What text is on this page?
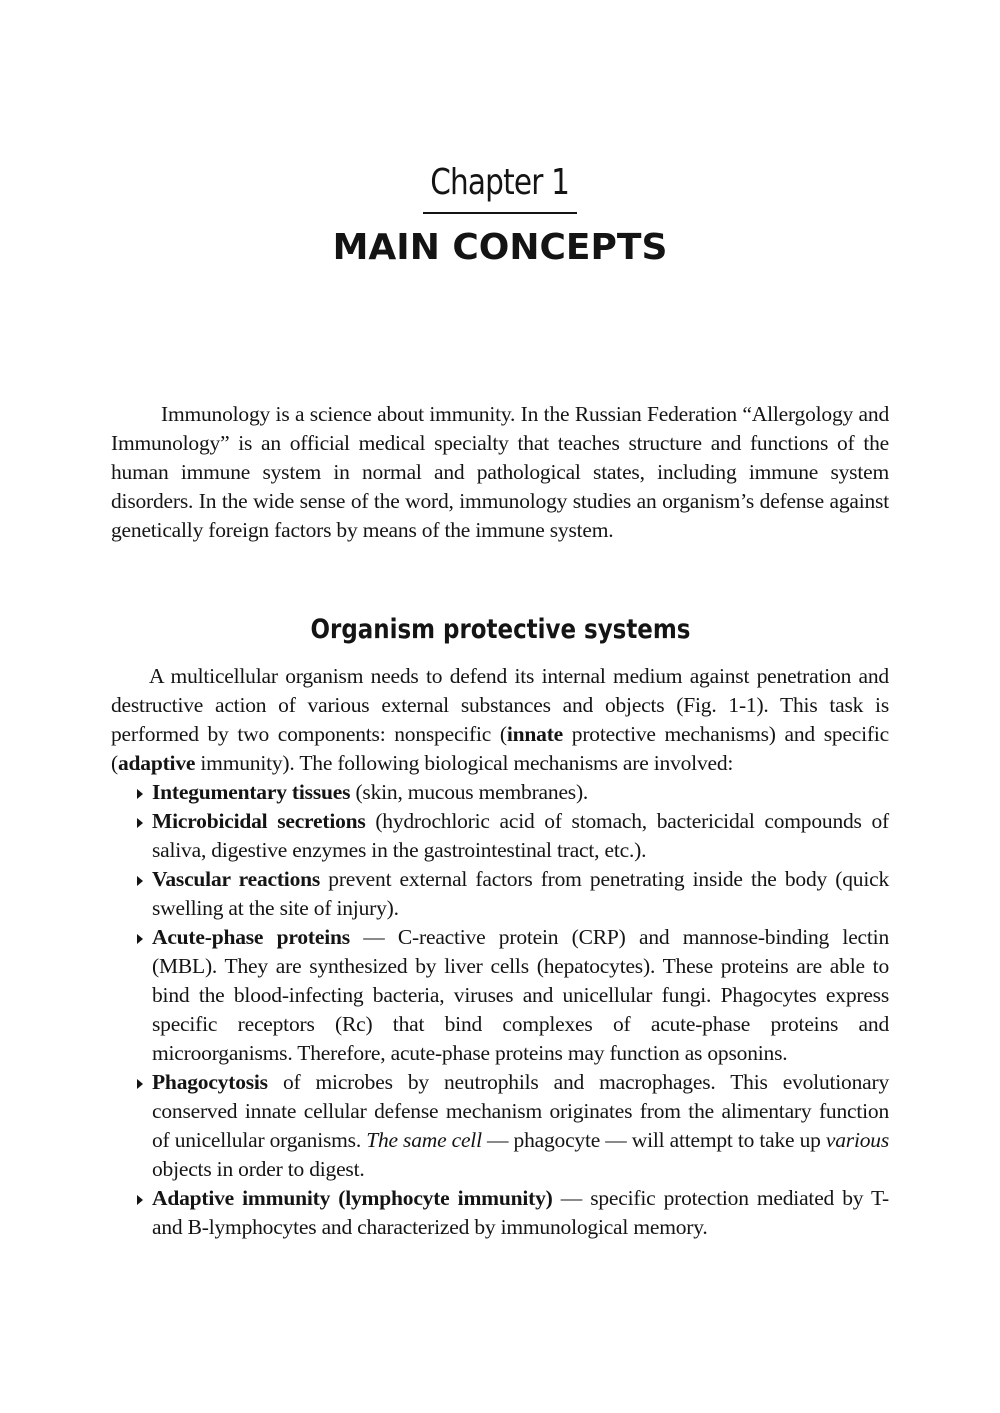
Chapter 1
MAIN CONCEPTS

Immunology is a science about immunity. In the Russian Federation “Allergology and Immunology” is an official medical specialty that teaches structure and functions of the human immune system in normal and pathological states, including immune system disorders. In the wide sense of the word, immunology studies an organism’s defense against genetically foreign factors by means of the immune system.

Organism protective systems

A multicellular organism needs to defend its internal medium against penetration and destructive action of various external substances and objects (Fig. 1-1). This task is performed by two components: nonspecific (innate protective mechanisms) and specific (adaptive immunity). The following biological mechanisms are involved:

Integumentary tissues (skin, mucous membranes).
Microbicidal secretions (hydrochloric acid of stomach, bactericidal compounds of saliva, digestive enzymes in the gastrointestinal tract, etc.).
Vascular reactions prevent external factors from penetrating inside the body (quick swelling at the site of injury).
Acute-phase proteins — C-reactive protein (CRP) and mannose-binding lectin (MBL). They are synthesized by liver cells (hepatocytes). These proteins are able to bind the blood-infecting bacteria, viruses and unicellular fungi. Phagocytes express specific receptors (Rc) that bind complexes of acute-phase proteins and microorganisms. Therefore, acute-phase proteins may function as opsonins.
Phagocytosis of microbes by neutrophils and macrophages. This evolutionary conserved innate cellular defense mechanism originates from the alimentary function of unicellular organisms. The same cell — phagocyte — will attempt to take up various objects in order to digest.
Adaptive immunity (lymphocyte immunity) — specific protection mediated by T- and B-lymphocytes and characterized by immunological memory.
